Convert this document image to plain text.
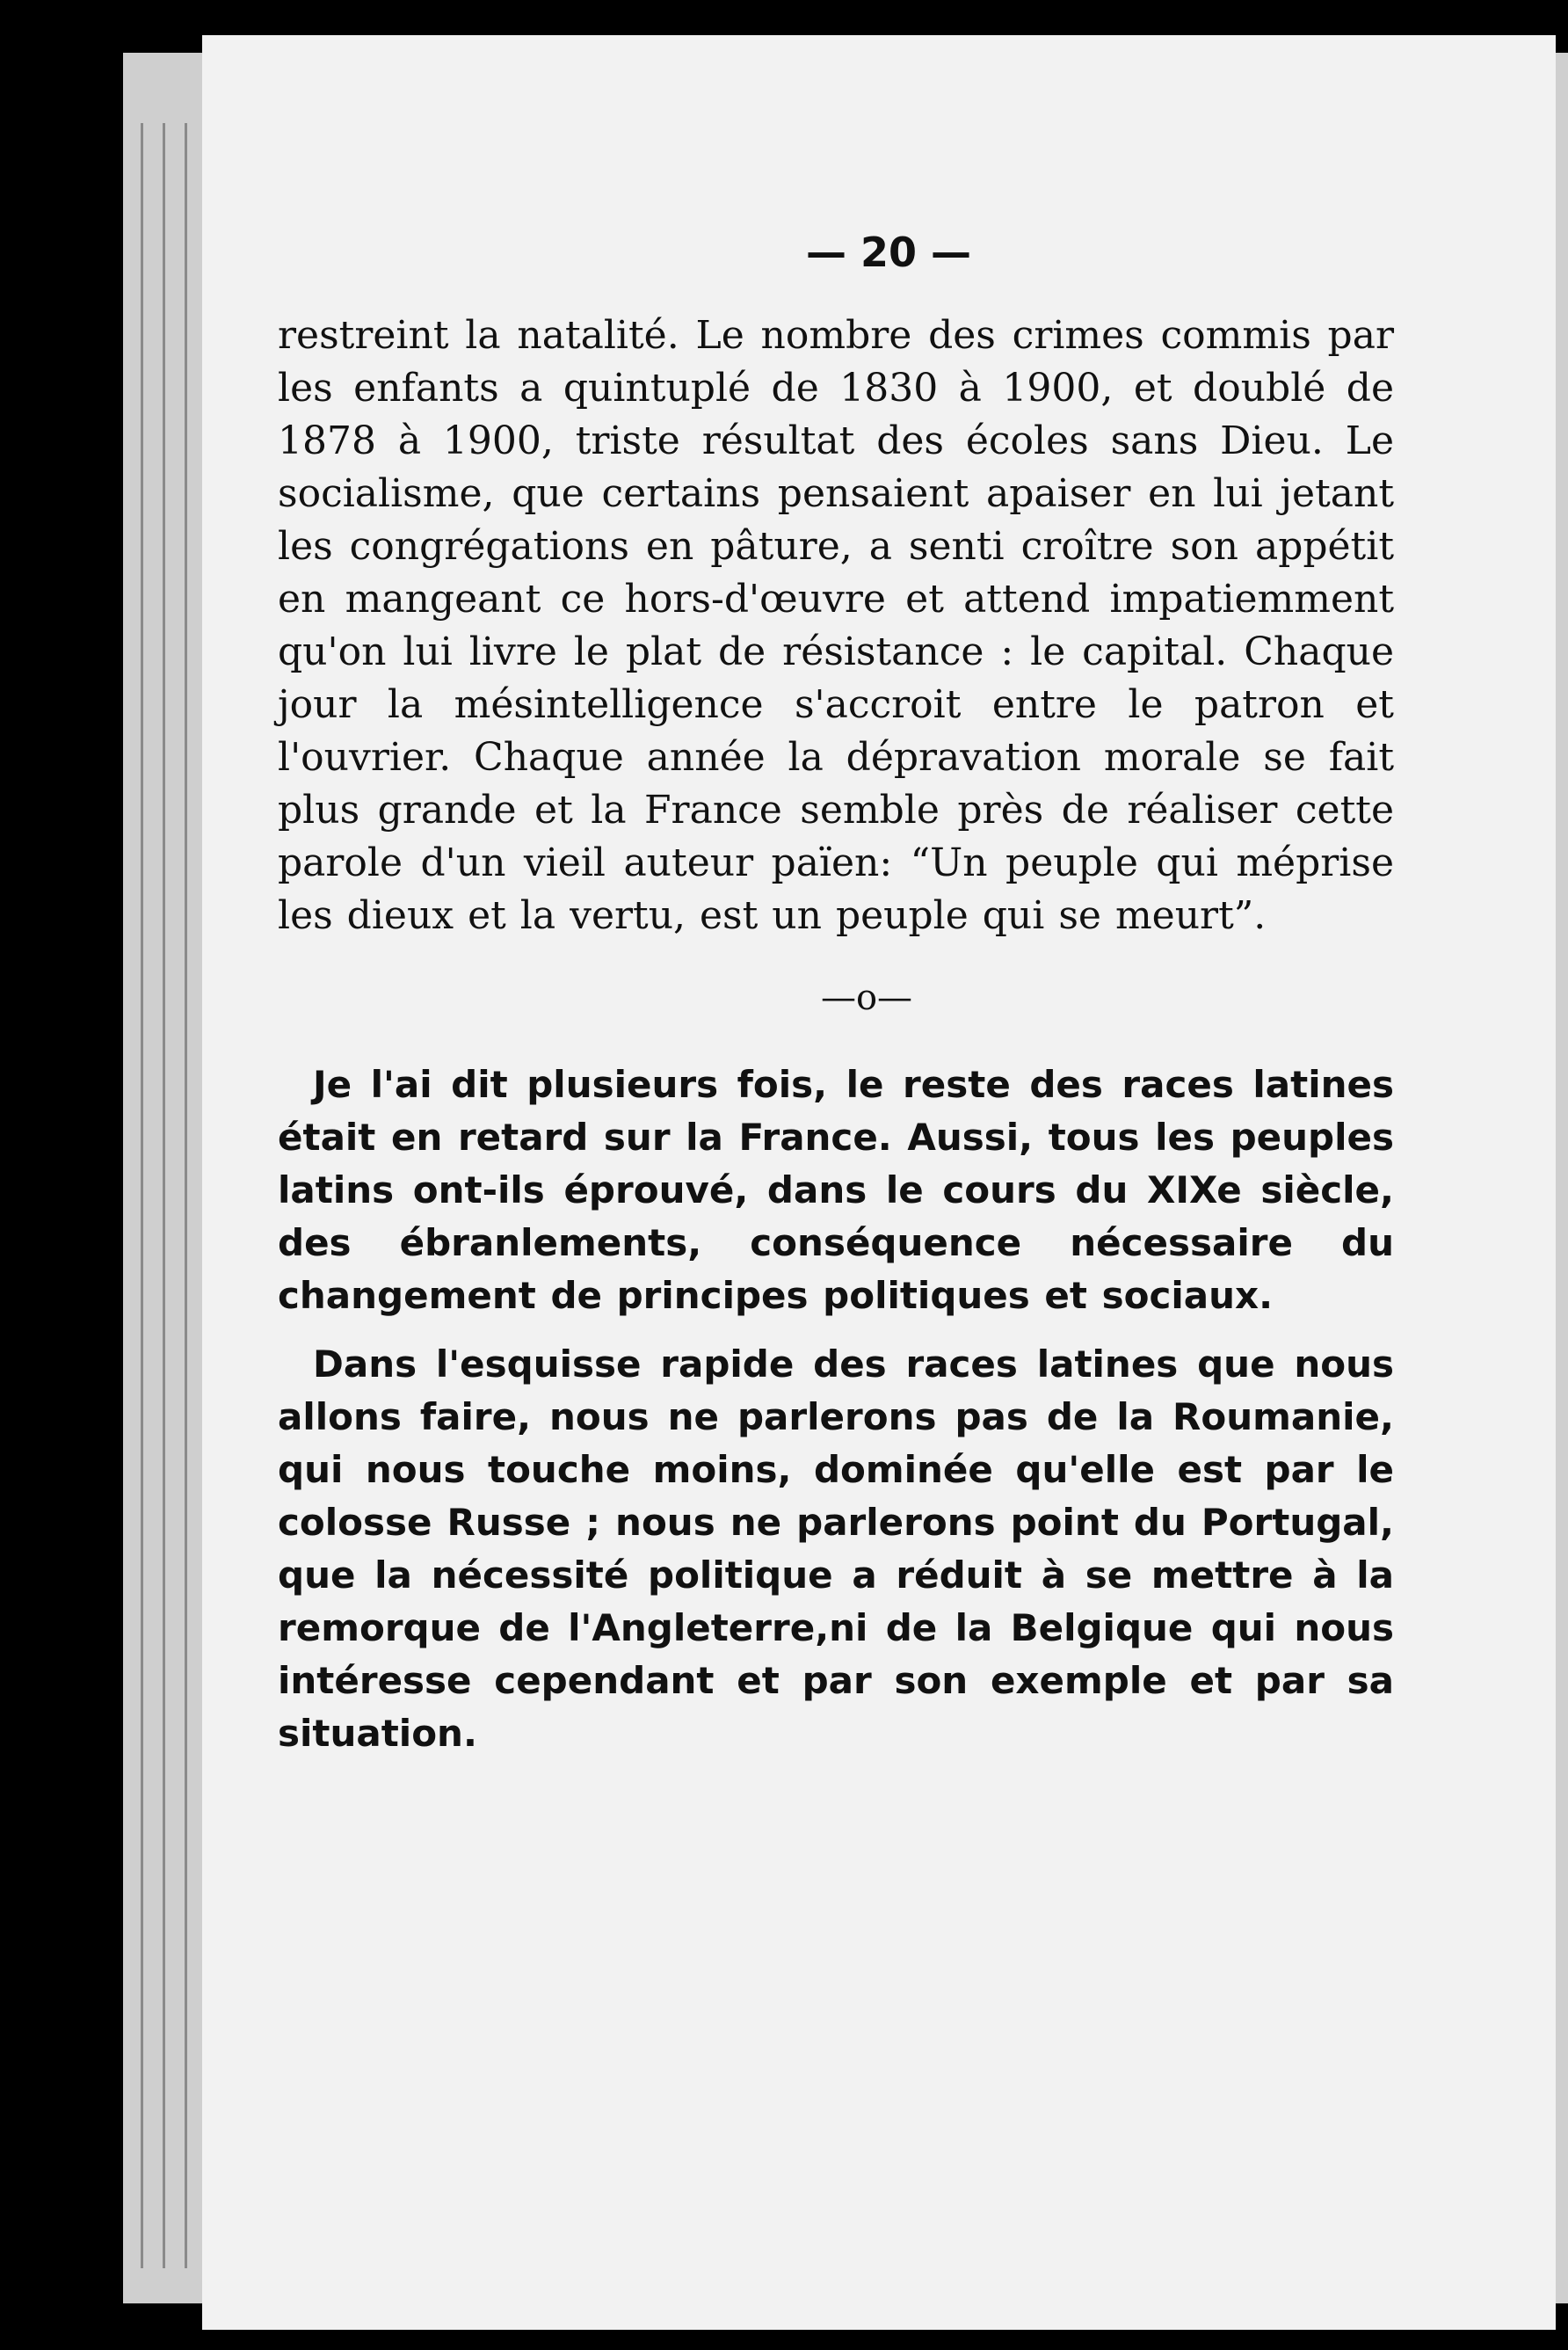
— 20 —

restreint la natalité. Le nombre des crimes commis par les enfants a quintuplé de 1830 à 1900, et doublé de 1878 à 1900, triste résultat des écoles sans Dieu. Le socialisme, que certains pensaient apaiser en lui jetant les congrégations en pâture, a senti croître son appétit en mangeant ce hors-d'œuvre et attend impatiemment qu'on lui livre le plat de résistance : le capital. Chaque jour la mésintelligence s'accroit entre le patron et l'ouvrier. Chaque année la dépravation morale se fait plus grande et la France semble près de réaliser cette parole d'un vieil auteur païen: “Un peuple qui méprise les dieux et la vertu, est un peuple qui se meurt”.

—o—

Je l'ai dit plusieurs fois, le reste des races latines était en retard sur la France. Aussi, tous les peuples latins ont-ils éprouvé, dans le cours du XIXe siècle, des ébranlements, conséquence nécessaire du changement de principes politiques et sociaux.

Dans l'esquisse rapide des races latines que nous allons faire, nous ne parlerons pas de la Roumanie, qui nous touche moins, dominée qu'elle est par le colosse Russe ; nous ne parlerons point du Portugal, que la nécessité politique a réduit à se mettre à la remorque de l'Angleterre,ni de la Belgique qui nous intéresse cependant et par son exemple et par sa situation.
